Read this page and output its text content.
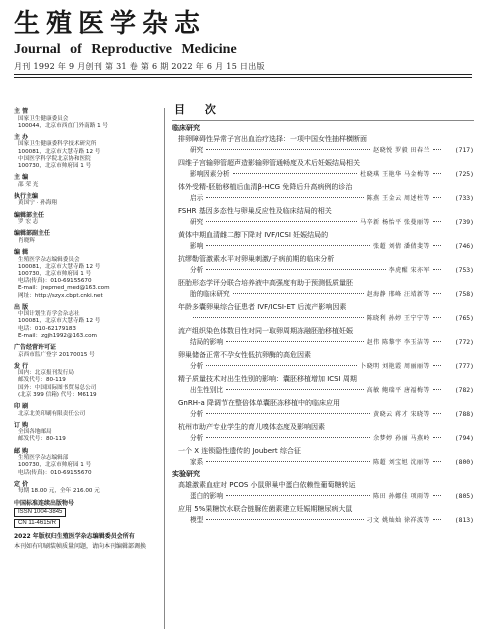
生殖医学杂志
Journal of Reproductive Medicine
月刊 1992 年 9 月创刊 第 31 卷 第 6 期 2022 年 6 月 15 日出版
主 管
国家卫生健康委员会
100044，北京市西直门外南路 1 号
主 办
国家卫生健康委科学技术研究所
100081，北京市大慧寺路 12 号
中国医学科学院北京协和医院
100730，北京市帅府园 1 号
主 编
邵 荣 光
执行主编
黄国宁 · 孙海翔
编辑部主任
罗 宏 志
编辑部副主任
肖晓辉
编 辑
生殖医学杂志编辑委员会
100081，北京市大慧寺路 12 号
100730，北京市帅府园 1 号
电话(传真)：010-69155670
E-mail：jrepmed_med@163.com
网址：http://szyx.cbpt.cnki.net
出 版
中国计划生育学会杂志社
100081，北京市大慧寺路 12 号
电话：010-62179183
E-mail：zgjh1992@163.com
广告经营许可证
京西市监广登字 20170015 号
发 行
国内：北京报刊发行局
邮发代号：80-119
国外：中国国际图书贸易总公司
(北京 399 信箱) 代号：M6119
印 刷
北京北美印刷有限责任公司
订 购
全国各地邮局
邮发代号：80-119
邮 购
生殖医学杂志编辑部
100730，北京市帅府园 1 号
电话(传真)：010-69155670
定 价
每期 18.00 元，全年 216.00 元
中国标准连续出版物号
ISSN 1004-3845
CN 11-4615/R

2022 年版权归生殖医学杂志编辑委员会所有
本刊如有印刷装帧质量问题，请向本刊编辑部调换
目 次
临床研究
排卵障碍性异常子宫出血治疗选择：一项中国女性抽样横断面
研究	赵晓悦 罗毅 田春兰	(717)
四维子宫输卵管超声造影输卵管通畅度及术后妊娠结局相关
影响因素分析	杜晓琪 王艳华 马金梅等	(725)
体外受精-胚胎移植后血清β-HCG 免降后升高病例的诊治
启示	陈燕 王金云 周述柱等	(733)
FSHR 基因多态性与卵巢反应性及临床结局的相关
研究	马辛新 杨怡平 张曼丽等	(739)
黄体中期血清雌二醇下降对 IVF/ICSI 妊娠结局的
影响	张超 刘倩 潘倩斐等	(746)
抗缪勒管激素水平对卵巢刺激/子病前期的临床分析
分析	李虎醒 宋亦军	(753)
胚胎形态学评分联合培养液中高强度有助于预测低质量胚
胎的临床研究	赵海静 邢峰 汪靖新等	(758)
年龄多囊卵巢综合征患者 IVF/ICSI-ET 后流产影响因素
陈晓利 孙婷 王宁宁等	(765)
流产组织染色体数目性对同一取卵周期冻融胚胎移植妊娠
结局的影响	赵伟 陈黎宇 李玉洁等	(772)
卵巢储备正常不孕女性低抗卵酶的高危因素
分析	卜晓明 刘艳霞 周丽丽等	(777)
精子质量技术对出生性别的影响：囊胚移植增加 ICSI 周期
出生性别比	高敏 鲍瑞平 唐福梅等	(782)
GnRH-a 降调节在整倍体单囊胚冻移植中的临床应用
分析	黄晓云 蒋才 宋晓等	(788)
杭州市助产专业学生的育儿嗅体态度及影响因素
分析	余梦婷 孙丽 马燕岭	(794)
一个 X 连锁隐性遗传的 Joubert 综合征
家系	陈超 刘宝旭 沈丽等	(800)
实验研究
高雄激素血症对 PCOS 小鼠卵巢中蛋白依赖性葡萄糖转运
蛋白的影响	陈田 孙娜佳 项雨等	(805)
应用 5%果糖饮水联合链脲佐菌素建立妊娠期糖尿病大鼠
模型	刁文 姚灿灿 徐祥波等	(813)
